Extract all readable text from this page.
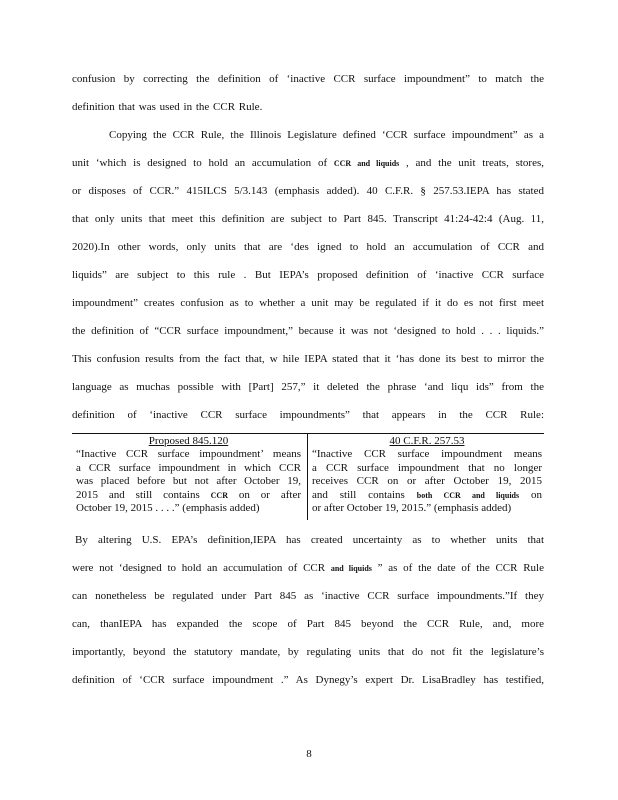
confusion by correcting the definition of ‘inactive CCR surface impoundment” to match the
definition that was used in the CCR Rule.
Copying the CCR Rule, the Illinois Legislature defined ‘CCR surface impoundment” as a
unit ‘which is designed to hold an accumulation of CCR and liquids , and the unit treats, stores,
or disposes of CCR.” 415ILCS 5/3.143 (emphasis added). 40 C.F.R. § 257.53.IEPA has stated
that only units that meet this definition are subject to Part 845. Transcript 41:24-42:4 (Aug. 11,
2020).In other words, only units that are ‘des igned to hold an accumulation of CCR and
liquids” are subject to this rule . But IEPA’s proposed definition of ‘inactive CCR surface
impoundment” creates confusion as to whether a unit may be regulated if it do es not first meet
the definition of “CCR surface impoundment,” because it was not ‘designed to hold . . . liquids.”
This confusion results from the fact that, w hile IEPA stated that it ‘has done its best to mirror the
language as muchas possible with [Part] 257,” it deleted the phrase ‘and liqu ids” from the
definition of ‘inactive CCR surface impoundments” that appears in the CCR Rule:
Proposed 845.120
“Inactive CCR surface impoundment’ means
a CCR surface impoundment in which CCR
was placed before but not after October 19,
2015 and still contains CCR on or after
October 19, 2015 . . . .” (emphasis added)
40 C.F.R. 257.53
“Inactive CCR surface impoundment means
a CCR surface impoundment that no longer
receives CCR on or after October 19, 2015
and still contains both CCR and liquids on
or after October 19, 2015.” (emphasis added)
By altering U.S. EPA’s definition,IEPA has created uncertainty as to whether units that
were not ‘designed to hold an accumulation of CCR and liquids ” as of the date of the CCR Rule
can nonetheless be regulated under Part 845 as ‘inactive CCR surface impoundments.”If they
can, thanIEPA has expanded the scope of Part 845 beyond the CCR Rule, and, more
importantly, beyond the statutory mandate, by regulating units that do not fit the legislature’s
definition of ‘CCR surface impoundment .” As Dynegy’s expert Dr. LisaBradley has testified,
8
